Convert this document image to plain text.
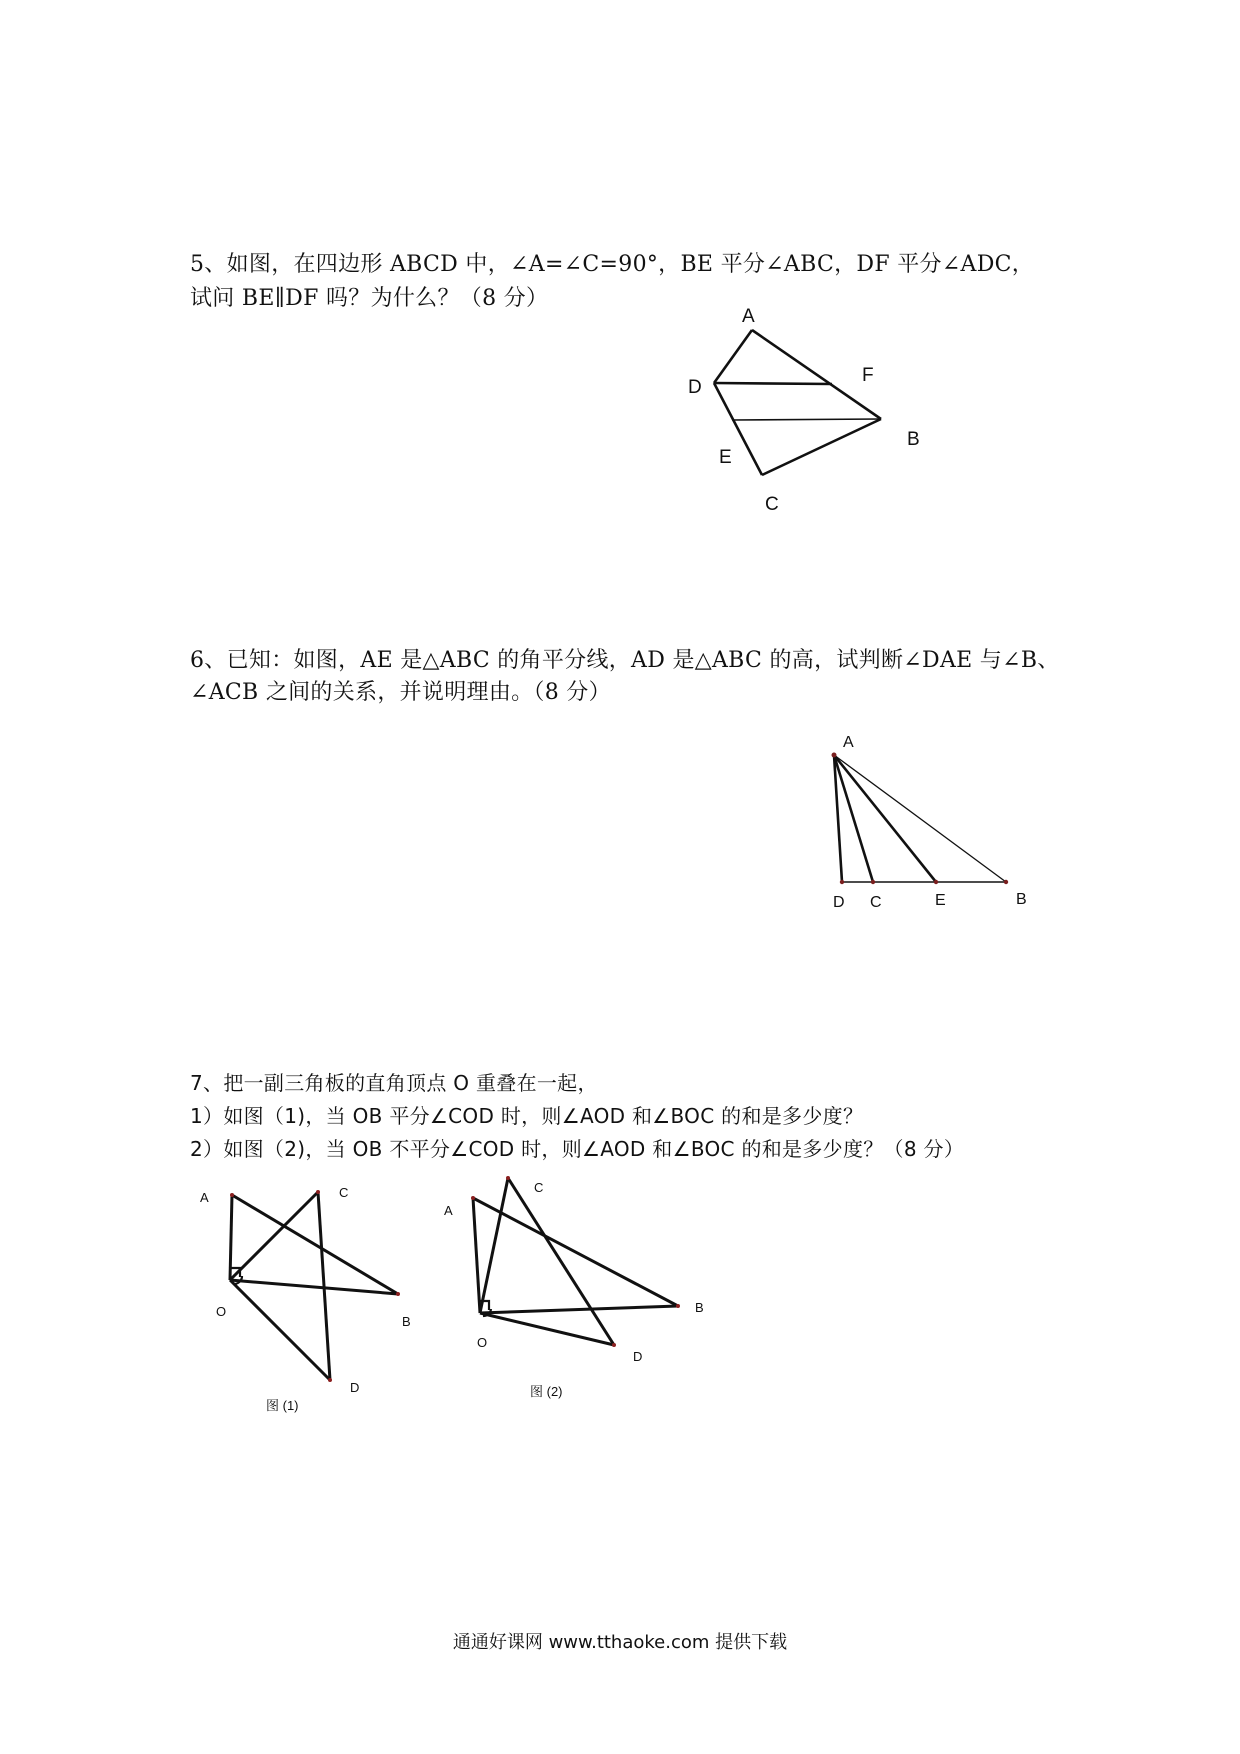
5、如图，在四边形 ABCD 中，∠A=∠C=90°，BE 平分∠ABC，DF 平分∠ADC，
试问 BE∥DF 吗？为什么？（8 分）
A
F
D
B
E
C
6、已知：如图，AE 是△ABC 的角平分线，AD 是△ABC 的高，试判断∠DAE 与∠B、
∠ACB 之间的关系，并说明理由。（8 分）
A
D C	E	B
7、把一副三角板的直角顶点 O 重叠在一起，
1）如图（1)，当 OB 平分∠COD 时，则∠AOD 和∠BOC 的和是多少度？
2）如图（2)，当 OB 不平分∠COD 时，则∠AOD 和∠BOC 的和是多少度？（8 分）
A	C
O
B
D
图 (1)
A
C
O
B
D
图 (2)
通通好课网 www.tthaoke.com 提供下载
